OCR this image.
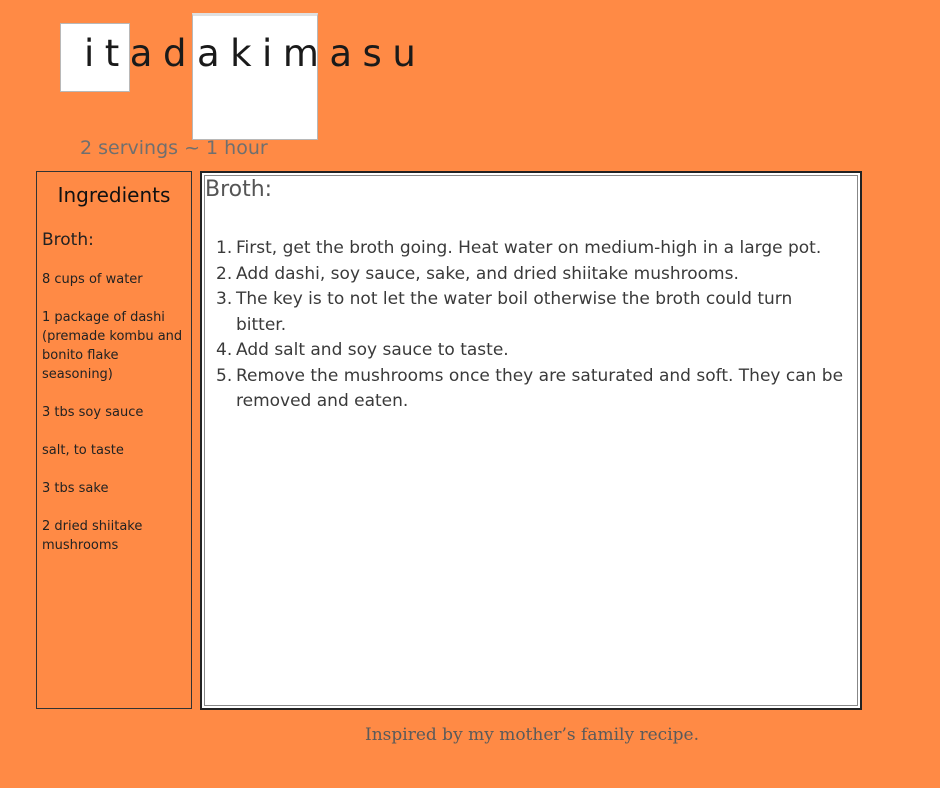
itadakimasu
2 servings ~ 1 hour
Ingredients
Broth:
8 cups of water
1 package of dashi (premade kombu and bonito flake seasoning)
3 tbs soy sauce
salt, to taste
3 tbs sake
2 dried shiitake mushrooms
Broth:
First, get the broth going. Heat water on medium-high in a large pot.
Add dashi, soy sauce, sake, and dried shiitake mushrooms.
The key is to not let the water boil otherwise the broth could turn bitter.
Add salt and soy sauce to taste.
Remove the mushrooms once they are saturated and soft. They can be removed and eaten.
Inspired by my mother’s family recipe.
